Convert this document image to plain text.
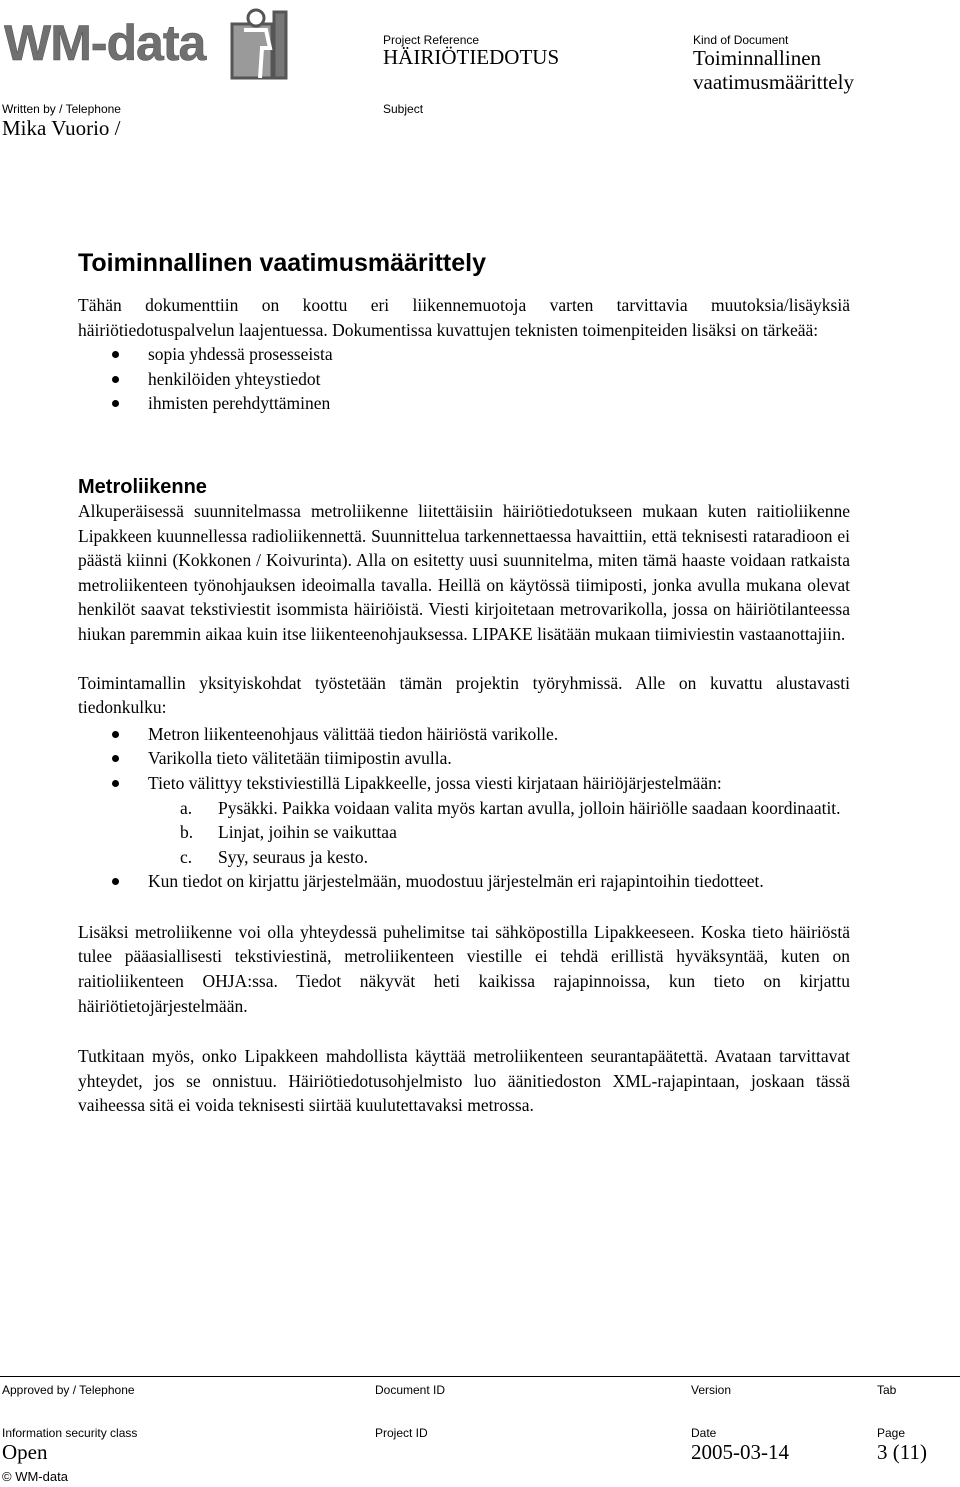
WM-data	Project Reference
HÄIRIÖTIEDOTUS
Kind of Document
Toiminnallinen vaatimusmäärittely
Written by / Telephone
Mika Vuorio /
Subject
Toiminnallinen vaatimusmäärittely

Tähän dokumenttiin on koottu eri liikennemuotoja varten tarvittavia muutoksia/lisäyksiä häiriötiedotuspalvelun laajentuessa. Dokumentissa kuvattujen teknisten toimenpiteiden lisäksi on tärkeää:

sopia yhdessä prosesseista
henkilöiden yhteystiedot
ihmisten perehdyttäminen
Metroliikenne

Alkuperäisessä suunnitelmassa metroliikenne liitettäisiin häiriötiedotukseen mukaan kuten raitioliikenne Lipakkeen kuunnellessa radioliikennettä. Suunnittelua tarkennettaessa havaittiin, että teknisesti rataradioon ei päästä kiinni (Kokkonen / Koivurinta). Alla on esitetty uusi suunnitelma, miten tämä haaste voidaan ratkaista metroliikenteen työnohjauksen ideoimalla tavalla. Heillä on käytössä tiimiposti, jonka avulla mukana olevat henkilöt saavat tekstiviestit isommista häiriöistä. Viesti kirjoitetaan metrovarikolla, jossa on häiriötilanteessa hiukan paremmin aikaa kuin itse liikenteenohjauksessa. LIPAKE lisätään mukaan tiimiviestin vastaanottajiin.

Toimintamallin yksityiskohdat työstetään tämän projektin työryhmissä. Alle on kuvattu alustavasti tiedonkulku:

Metron liikenteenohjaus välittää tiedon häiriöstä varikolle.
Varikolla tieto välitetään tiimipostin avulla.
Tieto välittyy tekstiviestillä Lipakkeelle, jossa viesti kirjataan häiriöjärjestelmään:
a. Pysäkki. Paikka voidaan valita myös kartan avulla, jolloin häiriölle saadaan koordinaatit.
b. Linjat, joihin se vaikuttaa
c. Syy, seuraus ja kesto.
Kun tiedot on kirjattu järjestelmään, muodostuu järjestelmän eri rajapintoihin tiedotteet.

Lisäksi metroliikenne voi olla yhteydessä puhelimitse tai sähköpostilla Lipakkeeseen. Koska tieto häiriöstä tulee pääasiallisesti tekstiviestinä, metroliikenteen viestille ei tehdä erillistä hyväksyntää, kuten on raitioliikenteen OHJA:ssa. Tiedot näkyvät heti kaikissa rajapinnoissa, kun tieto on kirjattu häiriötietojärjestelmään.

Tutkitaan myös, onko Lipakkeen mahdollista käyttää metroliikenteen seurantapäätettä. Avataan tarvittavat yhteydet, jos se onnistuu. Häiriötiedotusohjelmisto luo äänitiedoston XML-rajapintaan, joskaan tässä vaiheessa sitä ei voida teknisesti siirtää kuulutettavaksi metrossa.

Approved by / Telephone	Document ID	Version	Tab
Information security class
Open
Project ID	Date
2005-03-14
Page
3 (11)
© WM-data
